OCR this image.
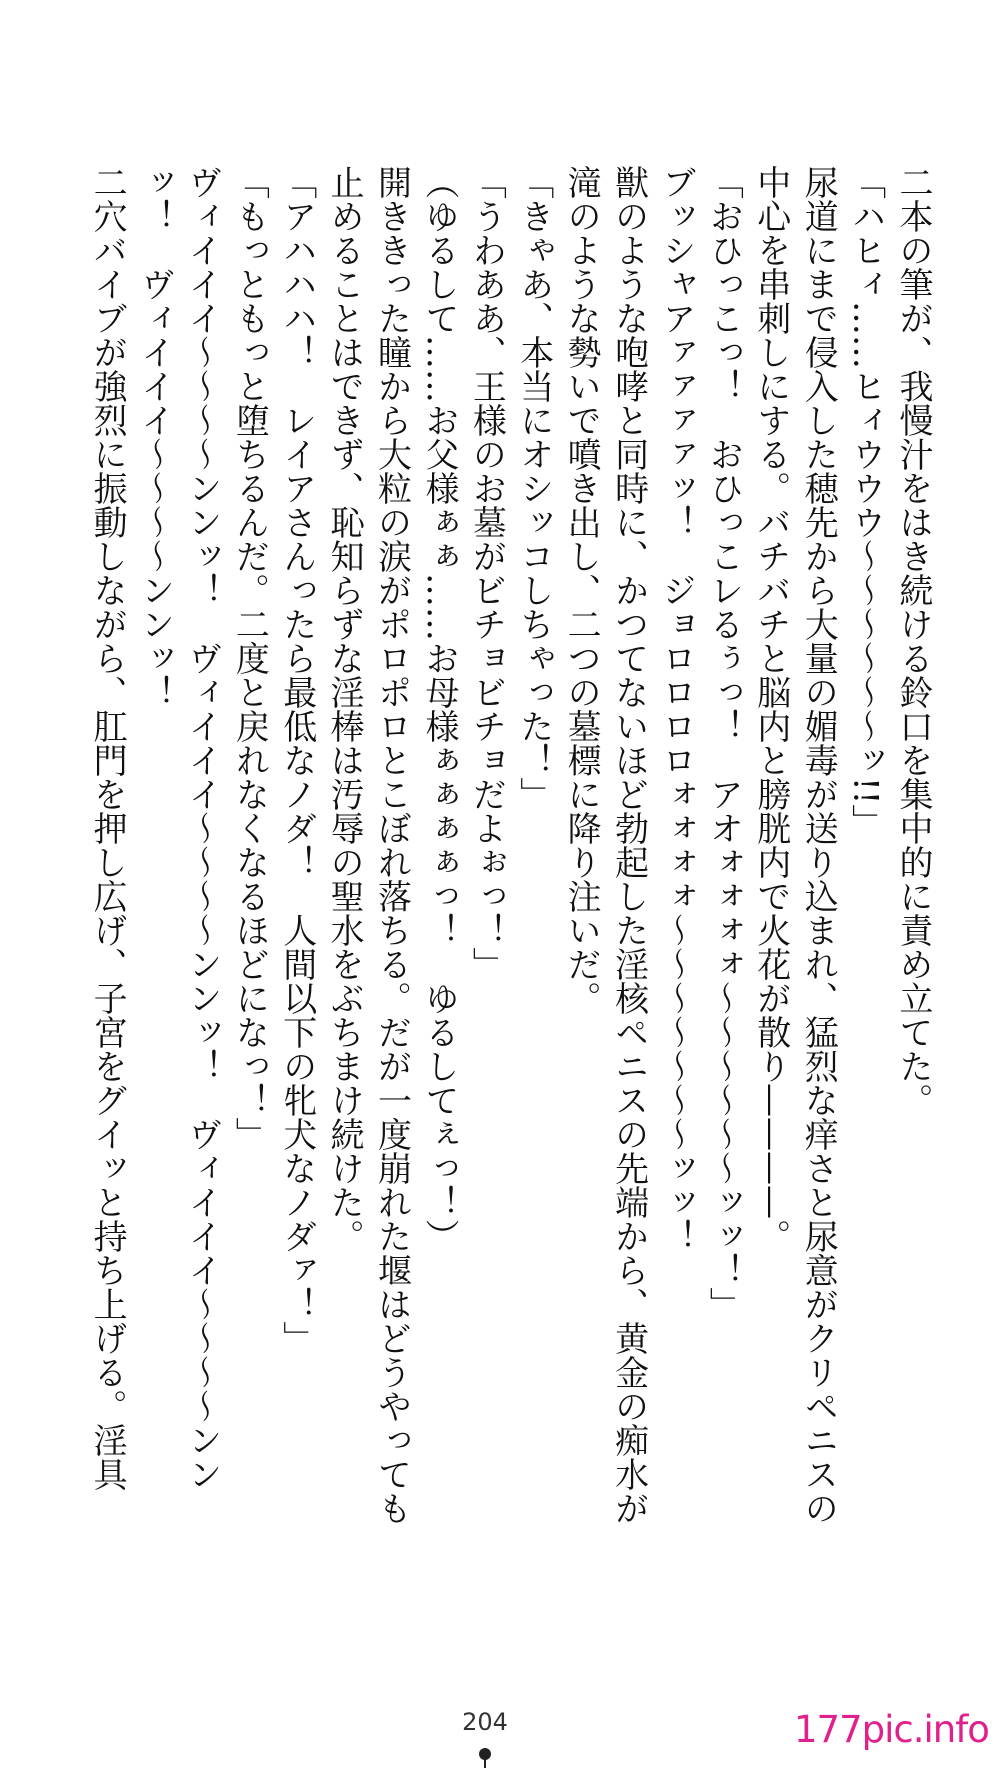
二本の筆が、我慢汁をはき続ける鈴口を集中的に責め立てた。

「ハヒィ……ヒィウウウ〜〜〜〜〜〜ッ!!」

尿道にまで侵入した穂先から大量の媚毒が送り込まれ、猛烈な痒さと尿意がクリペニスの中心を串刺しにする。バチバチと脳内と膀胱内で火花が散り————。

「おひっこっ！　おひっこレるぅっ！　アオォォォォ〜〜〜〜〜〜ッッ！」

ブッシャアァァァァッ！　ジョロロロロォォォォ〜〜〜〜〜〜〜ッッ！

獣のような咆哮と同時に、かつてないほど勃起した淫核ペニスの先端から、黄金の痴水が滝のような勢いで噴き出し、二つの墓標に降り注いだ。

「きゃあ、本当にオシッコしちゃった！」

「うわああ、王様のお墓がビチョビチョだよぉっ！」

（ゆるして……お父様ぁぁ……お母様ぁぁぁぁっ！　ゆるしてぇっ！）

開ききった瞳から大粒の涙がポロポロとこぼれ落ちる。だが一度崩れた堰はどうやっても止めることはできず、恥知らずな淫棒は汚辱の聖水をぶちまけ続けた。

「アハハハ！　レイアさんったら最低なノダ！　人間以下の牝犬なノダァ！」

「もっともっと堕ちるんだ。二度と戻れなくなるほどになっ！」

ヴィイイイ〜〜〜〜ンンッ！　ヴィイイイ〜〜〜〜ンンッ！　ヴィイイイ〜〜〜〜ンンッ！　ヴィイイイ〜〜〜〜ンンッ！

二穴バイブが強烈に振動しながら、肛門を押し広げ、子宮をグイッと持ち上げる。淫具

204	177pic.info
